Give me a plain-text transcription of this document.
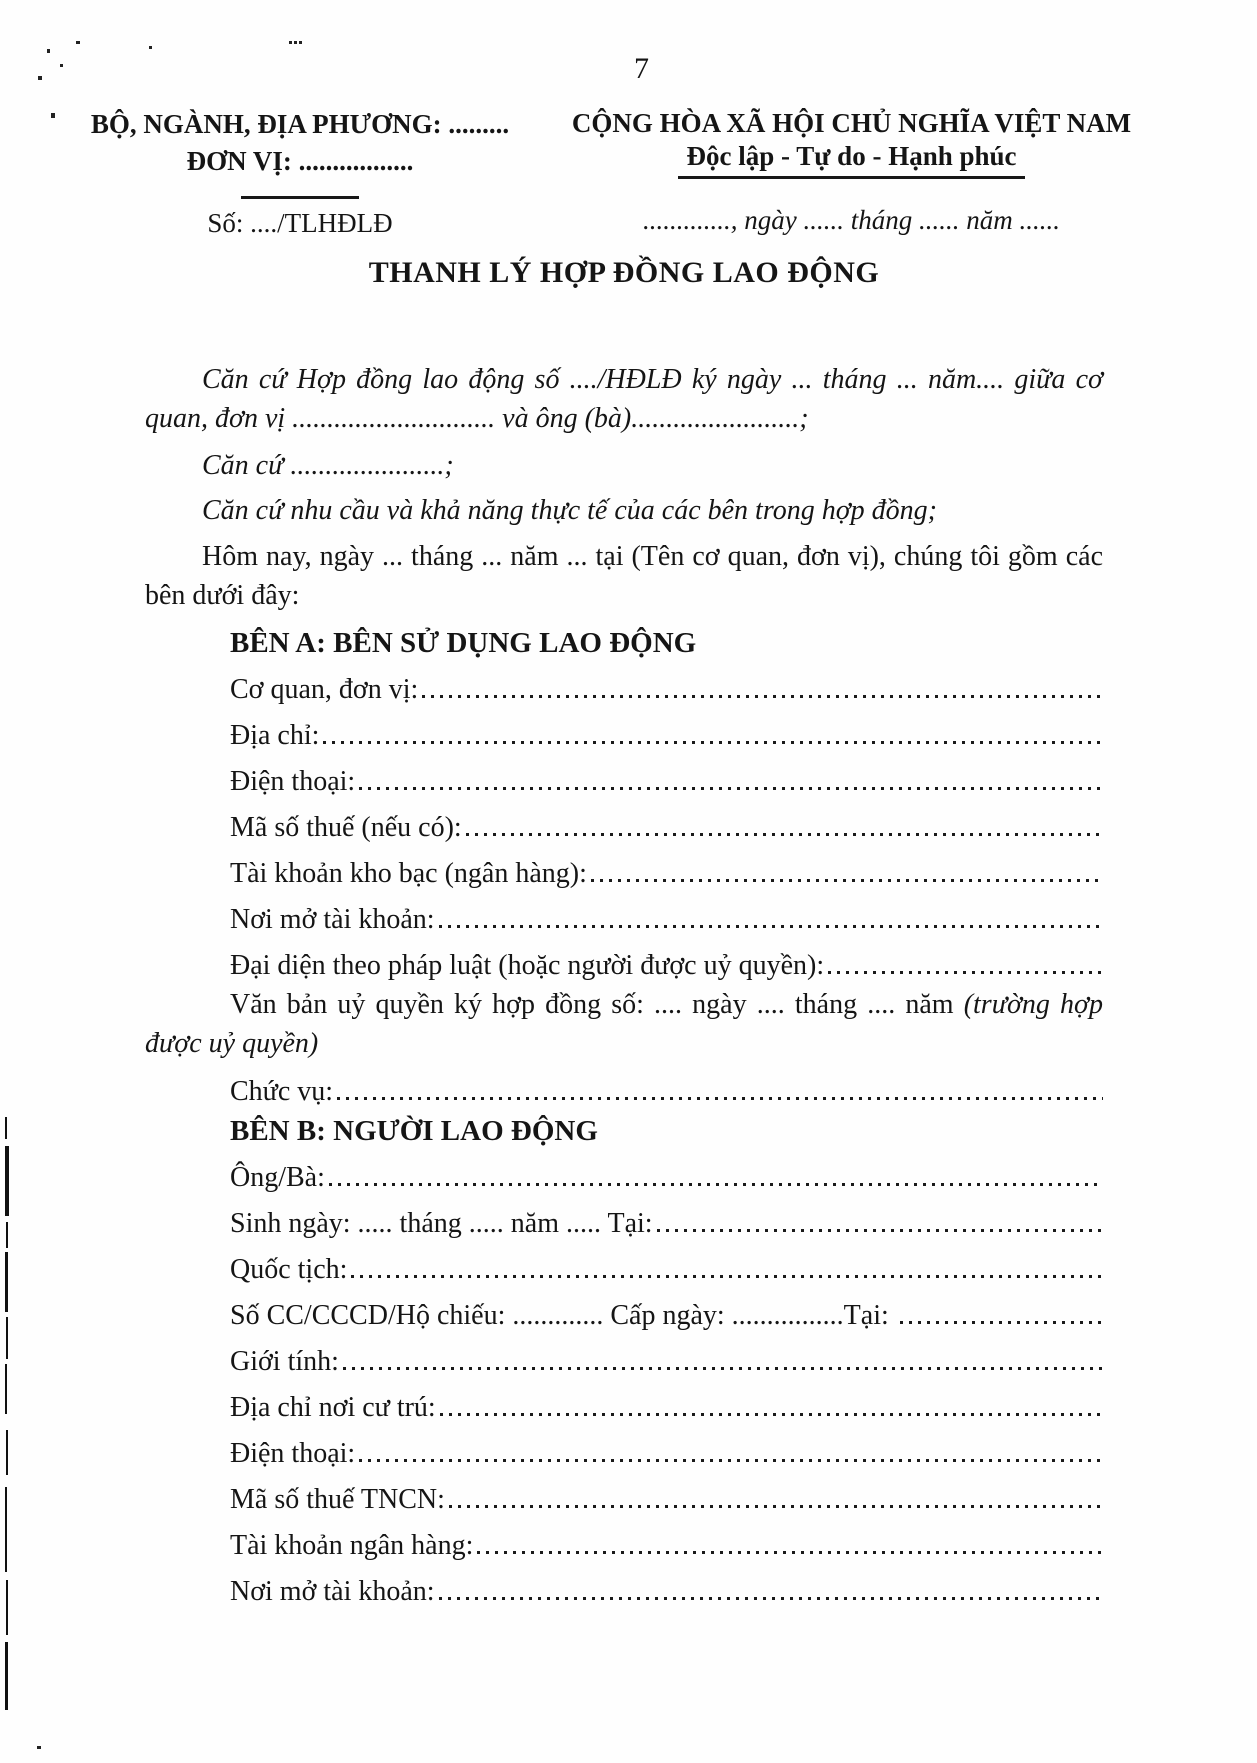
7
BỘ, NGÀNH, ĐỊA PHƯƠNG: .........
ĐƠN VỊ: .................
Số: ..../TLHĐLĐ
CỘNG HÒA XÃ HỘI CHỦ NGHĨA VIỆT NAM
Độc lập - Tự do - Hạnh phúc
............., ngày ...... tháng ...... năm ......
THANH LÝ HỢP ĐỒNG LAO ĐỘNG

Căn cứ Hợp đồng lao động số ..../HĐLĐ ký ngày ... tháng ... năm.... giữa cơ quan, đơn vị ............................. và ông (bà)........................;

Căn cứ ......................;

Căn cứ nhu cầu và khả năng thực tế của các bên trong hợp đồng;

Hôm nay, ngày ... tháng ... năm ... tại (Tên cơ quan, đơn vị), chúng tôi gồm các bên dưới đây:

BÊN A: BÊN SỬ DỤNG LAO ĐỘNG
Cơ quan, đơn vị:
Địa chỉ:
Điện thoại:
Mã số thuế (nếu có):
Tài khoản kho bạc (ngân hàng):
Nơi mở tài khoản:
Đại diện theo pháp luật (hoặc người được uỷ quyền):

Văn bản uỷ quyền ký hợp đồng số: .... ngày .... tháng .... năm (trường hợp được uỷ quyền)

Chức vụ:
BÊN B: NGƯỜI LAO ĐỘNG
Ông/Bà:
Sinh ngày: ..... tháng ..... năm ..... Tại:
Quốc tịch:
Số CC/CCCD/Hộ chiếu: ............. Cấp ngày: ................Tại:
Giới tính:
Địa chỉ nơi cư trú:
Điện thoại:
Mã số thuế TNCN:
Tài khoản ngân hàng:
Nơi mở tài khoản:
